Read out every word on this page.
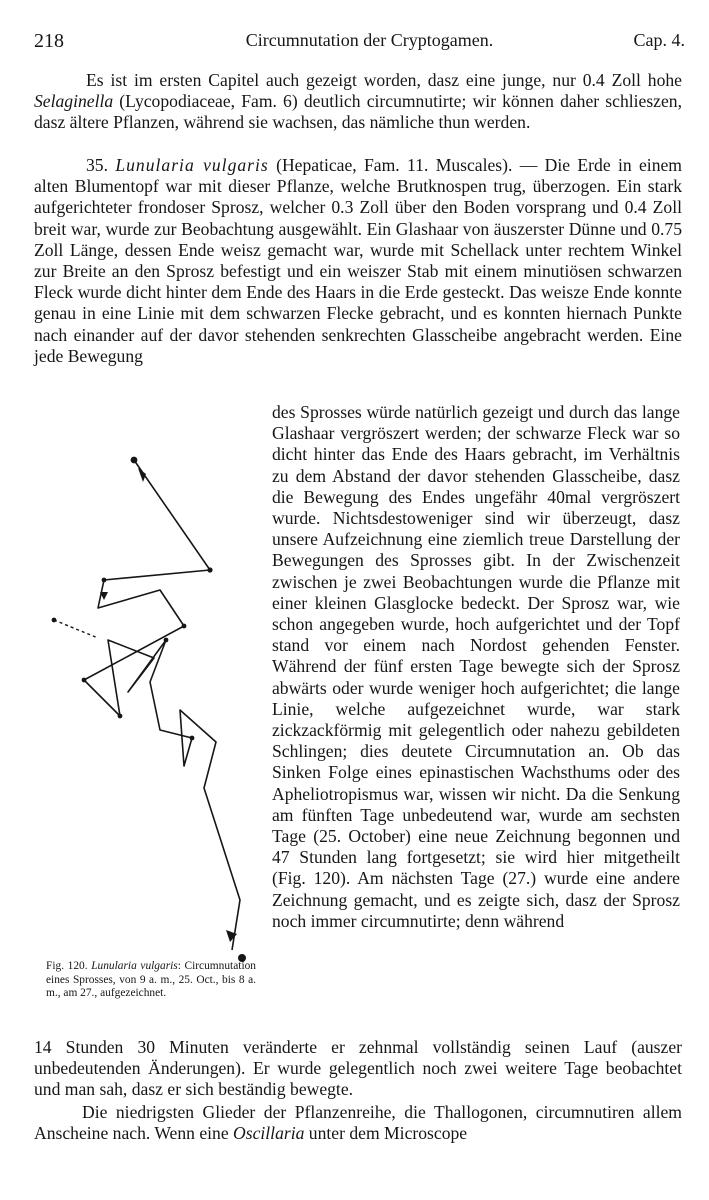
218	Circumnutation der Cryptogamen.	Cap. 4.
Es ist im ersten Capitel auch gezeigt worden, dasz eine junge, nur 0.4 Zoll hohe Selaginella (Lycopodiaceae, Fam. 6) deutlich circumnutirte; wir können daher schlieszen, dasz ältere Pflanzen, während sie wachsen, das nämliche thun werden.
35. Lunularia vulgaris (Hepaticae, Fam. 11. Muscales). — Die Erde in einem alten Blumentopf war mit dieser Pflanze, welche Brutknospen trug, überzogen. Ein stark aufgerichteter frondoser Sprosz, welcher 0.3 Zoll über den Boden vorsprang und 0.4 Zoll breit war, wurde zur Beobachtung ausgewählt. Ein Glashaar von äuszerster Dünne und 0.75 Zoll Länge, dessen Ende weisz gemacht war, wurde mit Schellack unter rechtem Winkel zur Breite an den Sprosz befestigt und ein weiszer Stab mit einem minutiösen schwarzen Fleck wurde dicht hinter dem Ende des Haars in die Erde gesteckt. Das weisze Ende konnte genau in eine Linie mit dem schwarzen Flecke gebracht, und es konnten hiernach Punkte nach einander auf der davor stehenden senkrechten Glasscheibe angebracht werden. Eine jede Bewegung
des Sprosses würde natürlich gezeigt und durch das lange Glashaar vergröszert werden; der schwarze Fleck war so dicht hinter das Ende des Haars gebracht, im Verhältnis zu dem Abstand der davor stehenden Glasscheibe, dasz die Bewegung des Endes ungefähr 40mal vergröszert wurde. Nichtsdestoweniger sind wir überzeugt, dasz unsere Aufzeichnung eine ziemlich treue Darstellung der Bewegungen des Sprosses gibt. In der Zwischenzeit zwischen je zwei Beobachtungen wurde die Pflanze mit einer kleinen Glasglocke bedeckt. Der Sprosz war, wie schon angegeben wurde, hoch aufgerichtet und der Topf stand vor einem nach Nordost gehenden Fenster. Während der fünf ersten Tage bewegte sich der Sprosz abwärts oder wurde weniger hoch aufgerichtet; die lange Linie, welche aufgezeichnet wurde, war stark zickzackförmig mit gelegentlich oder nahezu gebildeten Schlingen; dies deutete Circumnutation an. Ob das Sinken Folge eines epinastischen Wachsthums oder des Apheliotropismus war, wissen wir nicht. Da die Senkung am fünften Tage unbedeutend war, wurde am sechsten Tage (25. October) eine neue Zeichnung begonnen und 47 Stunden lang fortgesetzt; sie wird hier mitgetheilt (Fig. 120). Am nächsten Tage (27.) wurde eine andere Zeichnung gemacht, und es zeigte sich, dasz der Sprosz noch immer circumnutirte; denn während
Fig. 120. Lunularia vulgaris: Circumnutation eines Sprosses, von 9 a. m., 25. Oct., bis 8 a. m., am 27., aufgezeichnet.
14 Stunden 30 Minuten veränderte er zehnmal vollständig seinen Lauf (auszer unbedeutenden Änderungen). Er wurde gelegentlich noch zwei weitere Tage beobachtet und man sah, dasz er sich beständig bewegte.
Die niedrigsten Glieder der Pflanzenreihe, die Thallogonen, circumnutiren allem Anscheine nach. Wenn eine Oscillaria unter dem Microscope
